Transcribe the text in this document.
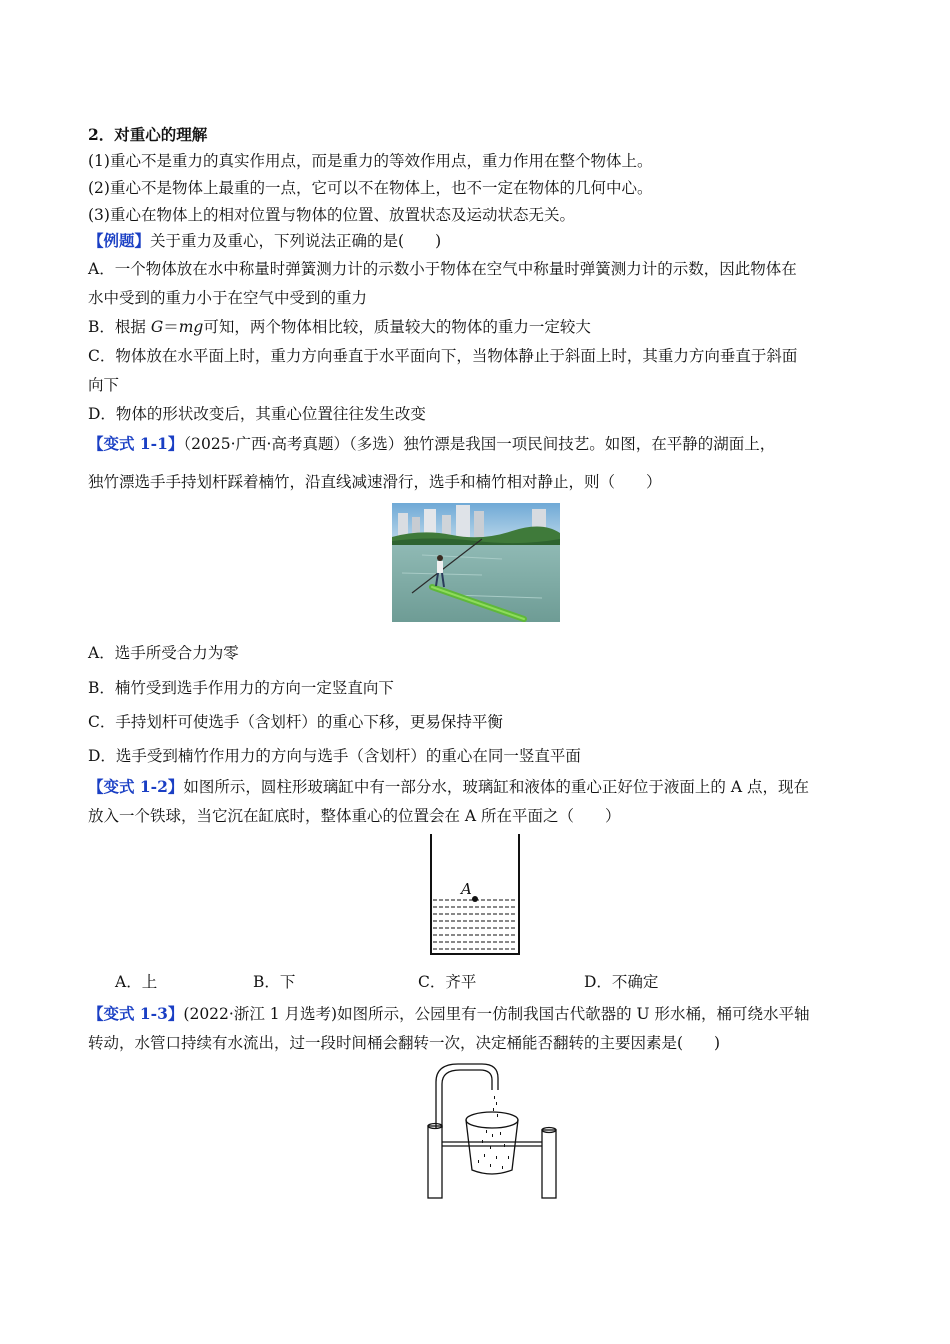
2．对重心的理解
(1)重心不是重力的真实作用点，而是重力的等效作用点，重力作用在整个物体上。
(2)重心不是物体上最重的一点，它可以不在物体上，也不一定在物体的几何中心。
(3)重心在物体上的相对位置与物体的位置、放置状态及运动状态无关。
【例题】关于重力及重心，下列说法正确的是(　　)
A．一个物体放在水中称量时弹簧测力计的示数小于物体在空气中称量时弹簧测力计的示数，因此物体在
水中受到的重力小于在空气中受到的重力
B．根据 G＝mg可知，两个物体相比较，质量较大的物体的重力一定较大
C．物体放在水平面上时，重力方向垂直于水平面向下，当物体静止于斜面上时，其重力方向垂直于斜面
向下
D．物体的形状改变后，其重心位置往往发生改变
【变式 1-1】（2025·广西·高考真题）（多选）独竹漂是我国一项民间技艺。如图，在平静的湖面上，
独竹漂选手手持划杆踩着楠竹，沿直线减速滑行，选手和楠竹相对静止，则（　　）
A．选手所受合力为零
B．楠竹受到选手作用力的方向一定竖直向下
C．手持划杆可使选手（含划杆）的重心下移，更易保持平衡
D．选手受到楠竹作用力的方向与选手（含划杆）的重心在同一竖直平面
【变式 1-2】如图所示，圆柱形玻璃缸中有一部分水，玻璃缸和液体的重心正好位于液面上的 A 点，现在
放入一个铁球，当它沉在缸底时，整体重心的位置会在 A 所在平面之（　　）
A
A．上	B．下	C．齐平	D．不确定
【变式 1-3】(2022·浙江 1 月选考)如图所示，公园里有一仿制我国古代欹器的 U 形水桶，桶可绕水平轴
转动，水管口持续有水流出，过一段时间桶会翻转一次，决定桶能否翻转的主要因素是(　　)
